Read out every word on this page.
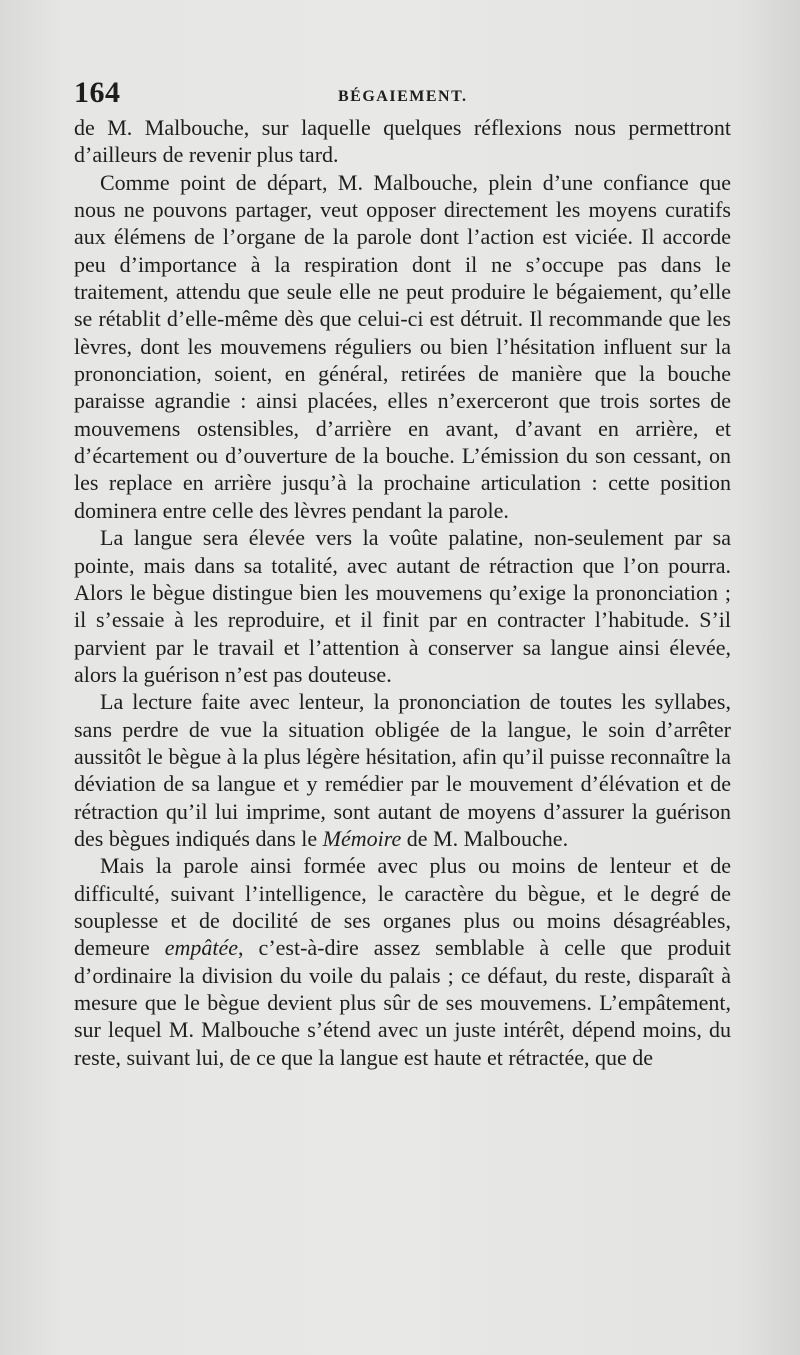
164	BÉGAIEMENT.

de M. Malbouche, sur laquelle quelques réflexions nous permettront d’ailleurs de revenir plus tard.

Comme point de départ, M. Malbouche, plein d’une confiance que nous ne pouvons partager, veut opposer directement les moyens curatifs aux élémens de l’organe de la parole dont l’action est viciée. Il accorde peu d’importance à la respiration dont il ne s’occupe pas dans le traitement, attendu que seule elle ne peut produire le bégaiement, qu’elle se rétablit d’elle-même dès que celui-ci est détruit. Il recommande que les lèvres, dont les mouvemens réguliers ou bien l’hésitation influent sur la prononciation, soient, en général, retirées de manière que la bouche paraisse agrandie : ainsi placées, elles n’exerceront que trois sortes de mouvemens ostensibles, d’arrière en avant, d’avant en arrière, et d’écartement ou d’ouverture de la bouche. L’émission du son cessant, on les replace en arrière jusqu’à la prochaine articulation : cette position dominera entre celle des lèvres pendant la parole.

La langue sera élevée vers la voûte palatine, non-seulement par sa pointe, mais dans sa totalité, avec autant de rétraction que l’on pourra. Alors le bègue distingue bien les mouvemens qu’exige la prononciation ; il s’essaie à les reproduire, et il finit par en contracter l’habitude. S’il parvient par le travail et l’attention à conserver sa langue ainsi élevée, alors la guérison n’est pas douteuse.

La lecture faite avec lenteur, la prononciation de toutes les syllabes, sans perdre de vue la situation obligée de la langue, le soin d’arrêter aussitôt le bègue à la plus légère hésitation, afin qu’il puisse reconnaître la déviation de sa langue et y remédier par le mouvement d’élévation et de rétraction qu’il lui imprime, sont autant de moyens d’assurer la guérison des bègues indiqués dans le Mémoire de M. Malbouche.

Mais la parole ainsi formée avec plus ou moins de lenteur et de difficulté, suivant l’intelligence, le caractère du bègue, et le degré de souplesse et de docilité de ses organes plus ou moins désagréables, demeure empâtée, c’est-à-dire assez semblable à celle que produit d’ordinaire la division du voile du palais ; ce défaut, du reste, disparaît à mesure que le bègue devient plus sûr de ses mouvemens. L’empâtement, sur lequel M. Malbouche s’étend avec un juste intérêt, dépend moins, du reste, suivant lui, de ce que la langue est haute et rétractée, que de
